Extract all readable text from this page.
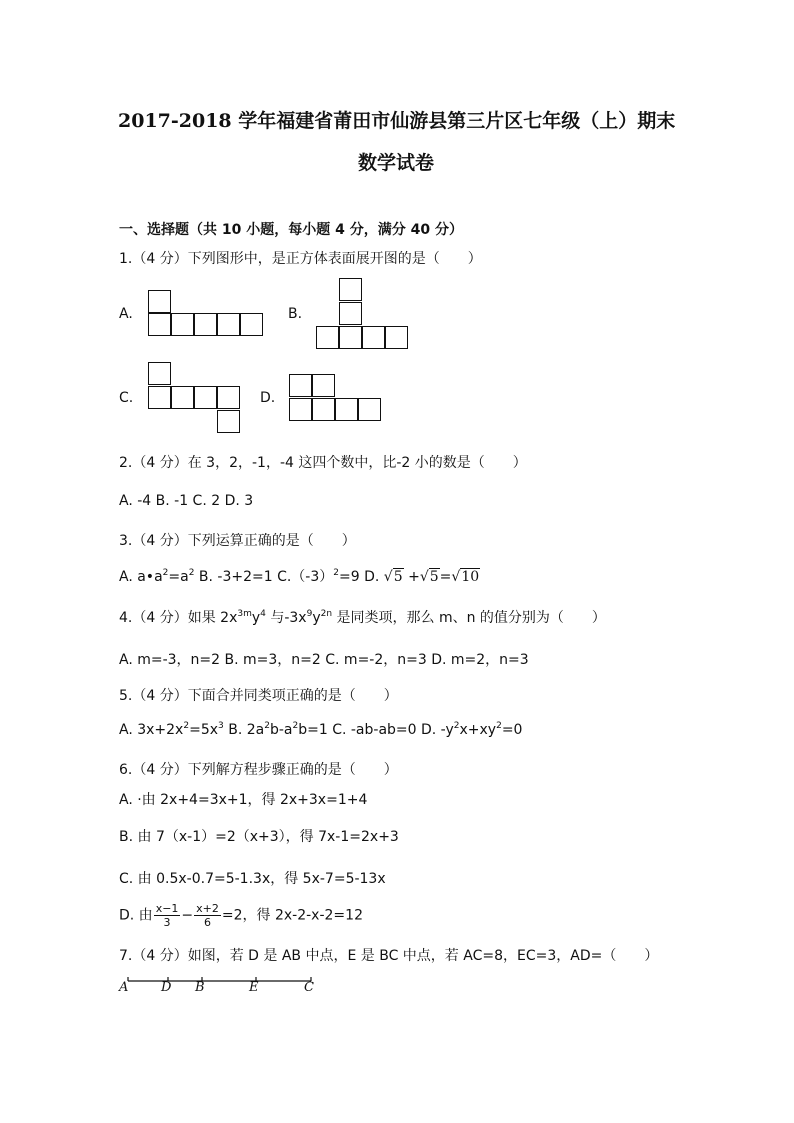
2017-2018 学年福建省莆田市仙游县第三片区七年级（上）期末
数学试卷
一、选择题（共 10 小题，每小题 4 分，满分 40 分）
1.（4 分）下列图形中，是正方体表面展开图的是（　　）
A.	B.
C.	D.
2.（4 分）在 3，2，-1，-4 这四个数中，比-2 小的数是（　　）
A. -4 B. -1 C. 2 D. 3
3.（4 分）下列运算正确的是（　　）
A. $a•a^2=a^2$ B. -3+2=1 $C.(-3)^2=9$ D. √5 +√5=√10
4.（4 分）如果 $2x^{3m}y^4$ 与$-3x^9y^{2n}$ 是同类项，那么 m、n 的值分别为（　　）
A. m=-3，n=2 B. m=3，n=2 C. m=-2，n=3 D. m=2，n=3
5.（4 分）下面合并同类项正确的是（　　）
A. $3x+2x^2=5x^3$ B. $2a^2b-a^2b=1$ C. -ab-ab=0 D. $-y^2x+xy^2=0$
6.（4 分）下列解方程步骤正确的是（　　）
A. ·由 2x+4=3x+1，得 2x+3x=1+4
B. 由 7（x-1）=2（x+3），得 7x-1=2x+3
C. 由 0.5x-0.7=5-1.3x，得 5x-7=5-13x
D. 由 $\frac{x-1}{3} - \frac{x+2}{6} =2$，得 2x-2-x-2=12
7.（4 分）如图，若 D 是 AB 中点，E 是 BC 中点，若 AC=8，EC=3，AD=（　　）
A	D B	E	C
